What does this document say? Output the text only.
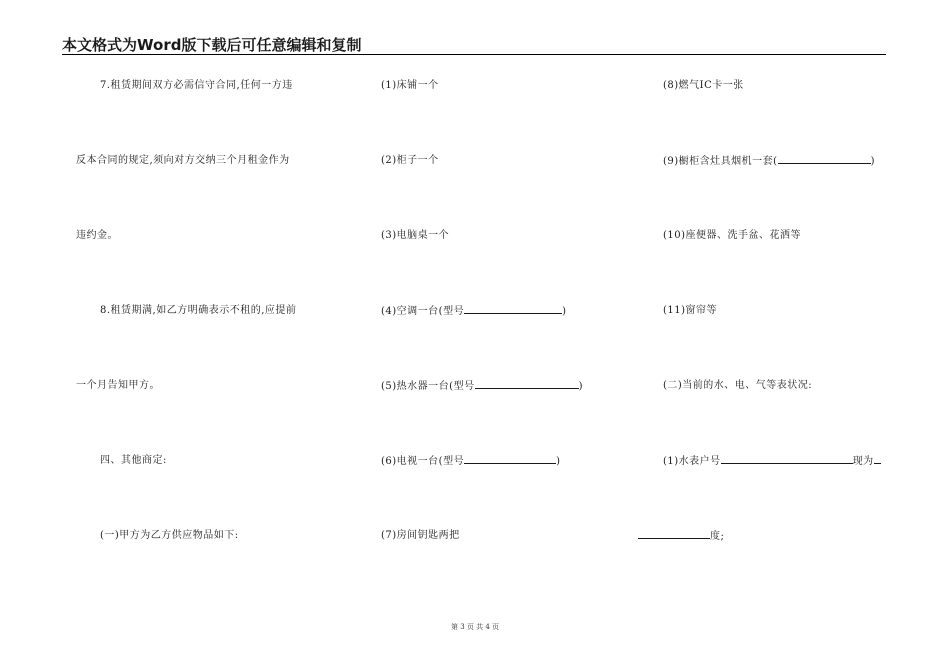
本文格式为Word版下载后可任意编辑和复制
7.租赁期间双方必需信守合同,任何一方违
反本合同的规定,须向对方交纳三个月租金作为
违约金。
8.租赁期满,如乙方明确表示不租的,应提前
一个月告知甲方。
四、其他商定:
(一)甲方为乙方供应物品如下:
(1)床铺一个
(2)柜子一个
(3)电脑桌一个
(4)空调一台(型号	)
(5)热水器一台(型号	)
(6)电视一台(型号	)
(7)房间钥匙两把
(8)燃气IC卡一张
(9)橱柜含灶具烟机一套(	)
(10)座便器、洗手盆、花洒等
(11)窗帘等
(二)当前的水、电、气等表状况:
(1)水表户号	现为
度;
第 3 页 共 4 页
